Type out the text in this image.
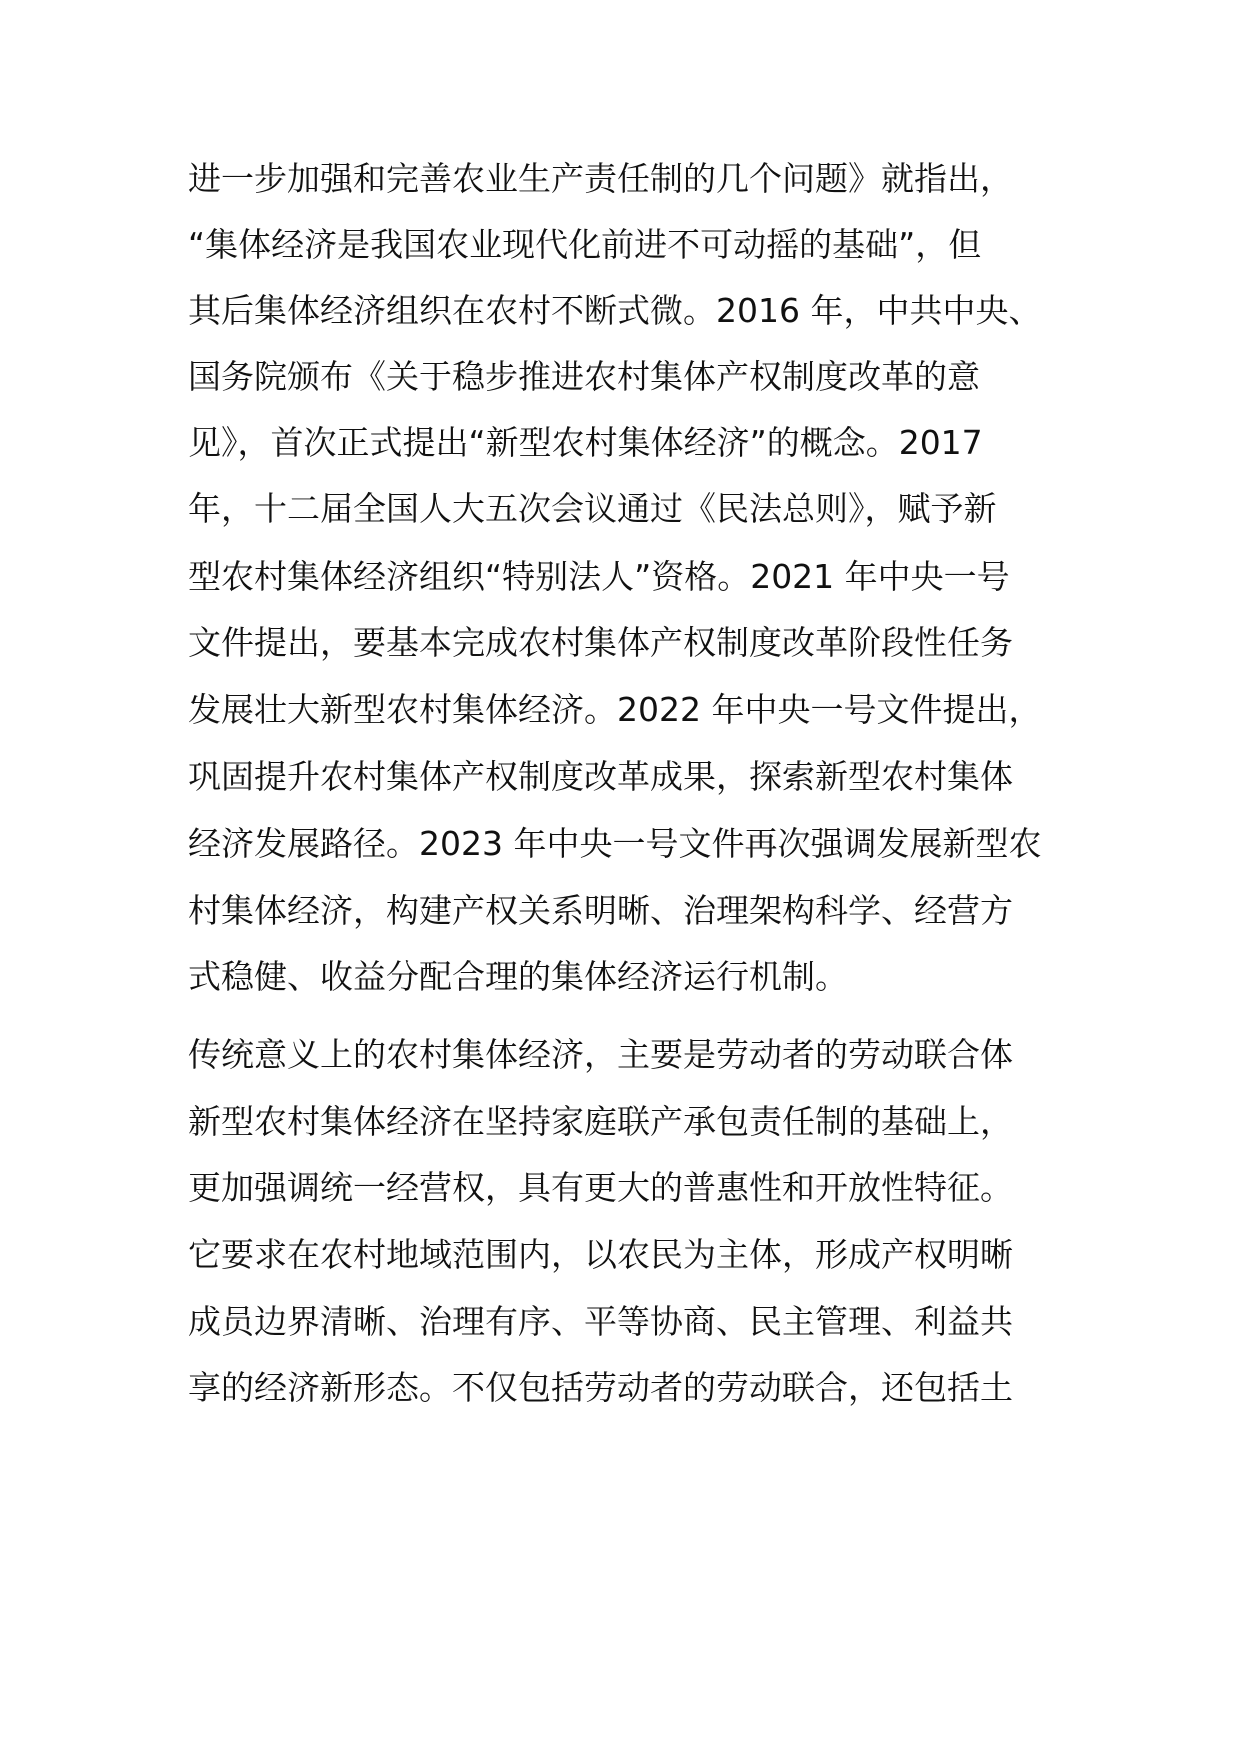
进一步加强和完善农业生产责任制的几个问题》就指出，
“集体经济是我国农业现代化前进不可动摇的基础”，但
其后集体经济组织在农村不断式微。2016 年，中共中央、
国务院颁布《关于稳步推进农村集体产权制度改革的意
见》，首次正式提出“新型农村集体经济”的概念。2017
年，十二届全国人大五次会议通过《民法总则》，赋予新
型农村集体经济组织“特别法人”资格。2021 年中央一号
文件提出，要基本完成农村集体产权制度改革阶段性任务
发展壮大新型农村集体经济。2022 年中央一号文件提出，
巩固提升农村集体产权制度改革成果，探索新型农村集体
经济发展路径。2023 年中央一号文件再次强调发展新型农
村集体经济，构建产权关系明晰、治理架构科学、经营方
式稳健、收益分配合理的集体经济运行机制。
传统意义上的农村集体经济，主要是劳动者的劳动联合体
新型农村集体经济在坚持家庭联产承包责任制的基础上，
更加强调统一经营权，具有更大的普惠性和开放性特征。
它要求在农村地域范围内，以农民为主体，形成产权明晰
成员边界清晰、治理有序、平等协商、民主管理、利益共
享的经济新形态。不仅包括劳动者的劳动联合，还包括土
